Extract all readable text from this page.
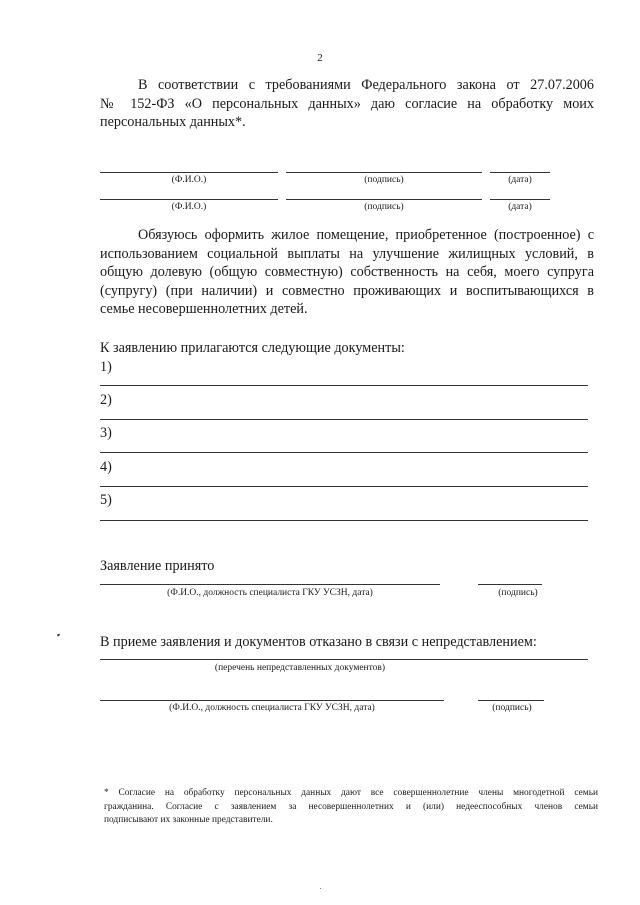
2
В соответствии с требованиями Федерального закона от 27.07.2006
№ 152-ФЗ «О персональных данных» даю согласие на обработку моих
персональных данных*.
(Ф.И.О.)	(подпись)	(дата)
(Ф.И.О.)	(подпись)	(дата)
Обязуюсь оформить жилое помещение, приобретенное (построенное) с
использованием социальной выплаты на улучшение жилищных условий, в
общую долевую (общую совместную) собственность на себя, моего супруга
(супругу) (при наличии) и совместно проживающих и воспитывающихся в
семье несовершеннолетних детей.
К заявлению прилагаются следующие документы:
1)
2)
3)
4)
5)
Заявление принято
(Ф.И.О., должность специалиста ГКУ УСЗН, дата)	(подпись)
В приеме заявления и документов отказано в связи с непредставлением:
(перечень непредставленных документов)
(Ф.И.О., должность специалиста ГКУ УСЗН, дата)	(подпись)
* Согласие на обработку персональных данных дают все совершеннолетние члены многодетной семьи
гражданина. Согласие с заявлением за несовершеннолетних и (или) недееспособных членов семьи
подписывают их законные представители.
